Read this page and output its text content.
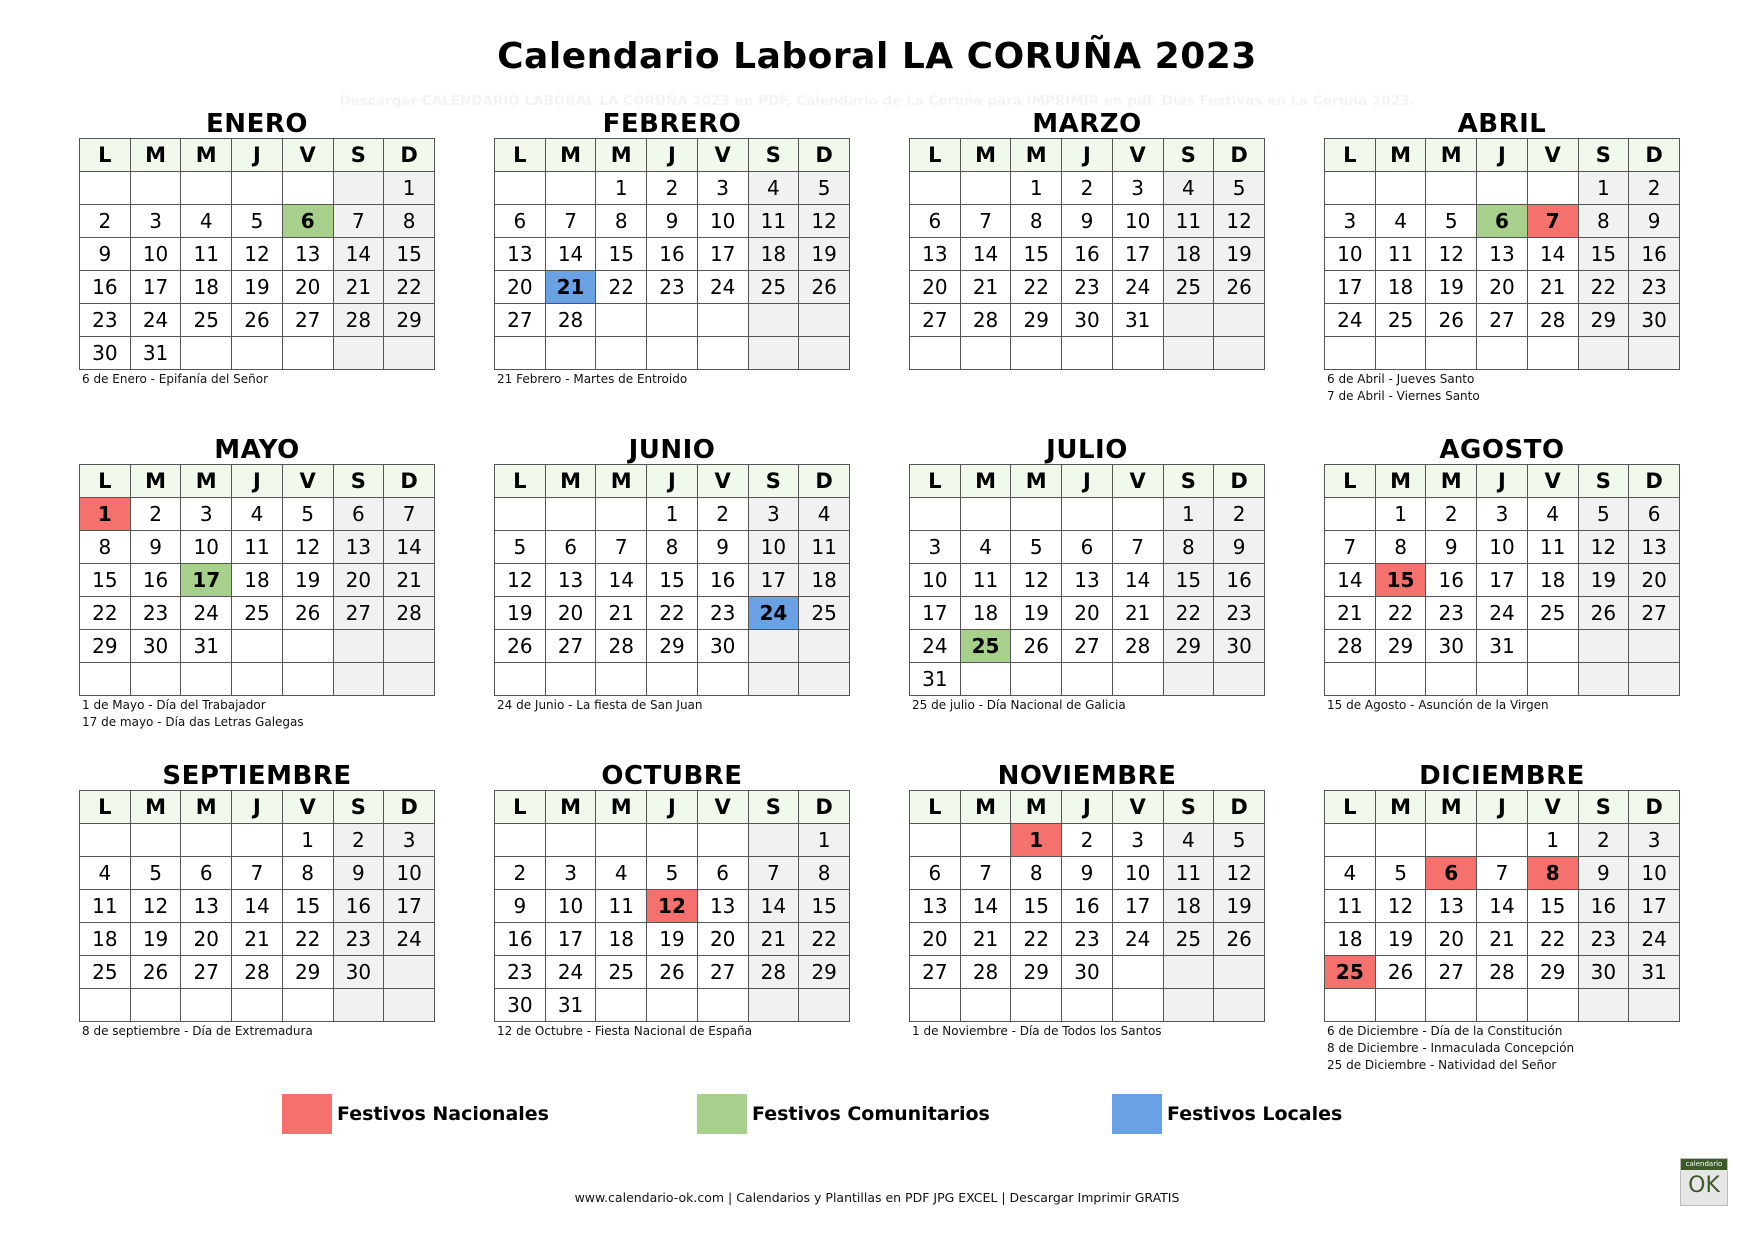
Calendario Laboral LA CORUÑA 2023
Descargar CALENDARIO LABORAL LA CORUÑA 2023 en PDF, Calendario de La Coruña para IMPRIMIR en pdf. Días Festivos en La Coruña 2023.
ENERO
L	M	M	J	V	S	D
						1
2	3	4	5	6	7	8
9	10	11	12	13	14	15
16	17	18	19	20	21	22
23	24	25	26	27	28	29
30	31					
6 de Enero - Epifanía del Señor
FEBRERO
L	M	M	J	V	S	D
		1	2	3	4	5
6	7	8	9	10	11	12
13	14	15	16	17	18	19
20	21	22	23	24	25	26
27	28					

21 Febrero - Martes de Entroido
MARZO
L	M	M	J	V	S	D
		1	2	3	4	5
6	7	8	9	10	11	12
13	14	15	16	17	18	19
20	21	22	23	24	25	26
27	28	29	30	31		

ABRIL
L	M	M	J	V	S	D
					1	2
3	4	5	6	7	8	9
10	11	12	13	14	15	16
17	18	19	20	21	22	23
24	25	26	27	28	29	30

6 de Abril - Jueves Santo
7 de Abril - Viernes Santo
MAYO
L	M	M	J	V	S	D
1	2	3	4	5	6	7
8	9	10	11	12	13	14
15	16	17	18	19	20	21
22	23	24	25	26	27	28
29	30	31				

1 de Mayo - Día del Trabajador
17 de mayo - Día das Letras Galegas
JUNIO
L	M	M	J	V	S	D
			1	2	3	4
5	6	7	8	9	10	11
12	13	14	15	16	17	18
19	20	21	22	23	24	25
26	27	28	29	30		

24 de Junio - La fiesta de San Juan
JULIO
L	M	M	J	V	S	D
					1	2
3	4	5	6	7	8	9
10	11	12	13	14	15	16
17	18	19	20	21	22	23
24	25	26	27	28	29	30
31						
25 de julio - Día Nacional de Galicia
AGOSTO
L	M	M	J	V	S	D
	1	2	3	4	5	6
7	8	9	10	11	12	13
14	15	16	17	18	19	20
21	22	23	24	25	26	27
28	29	30	31			

15 de Agosto - Asunción de la Virgen
SEPTIEMBRE
L	M	M	J	V	S	D
				1	2	3
4	5	6	7	8	9	10
11	12	13	14	15	16	17
18	19	20	21	22	23	24
25	26	27	28	29	30	

8 de septiembre - Día de Extremadura
OCTUBRE
L	M	M	J	V	S	D
						1
2	3	4	5	6	7	8
9	10	11	12	13	14	15
16	17	18	19	20	21	22
23	24	25	26	27	28	29
30	31					
12 de Octubre - Fiesta Nacional de España
NOVIEMBRE
L	M	M	J	V	S	D
		1	2	3	4	5
6	7	8	9	10	11	12
13	14	15	16	17	18	19
20	21	22	23	24	25	26
27	28	29	30			

1 de Noviembre - Día de Todos los Santos
DICIEMBRE
L	M	M	J	V	S	D
				1	2	3
4	5	6	7	8	9	10
11	12	13	14	15	16	17
18	19	20	21	22	23	24
25	26	27	28	29	30	31

6 de Diciembre - Día de la Constitución
8 de Diciembre - Inmaculada Concepción
25 de Diciembre - Natividad del Señor
Festivos Nacionales	Festivos Comunitarios	Festivos Locales
www.calendario-ok.com | Calendarios y Plantillas en PDF JPG EXCEL | Descargar Imprimir GRATIS
calendario
OK
